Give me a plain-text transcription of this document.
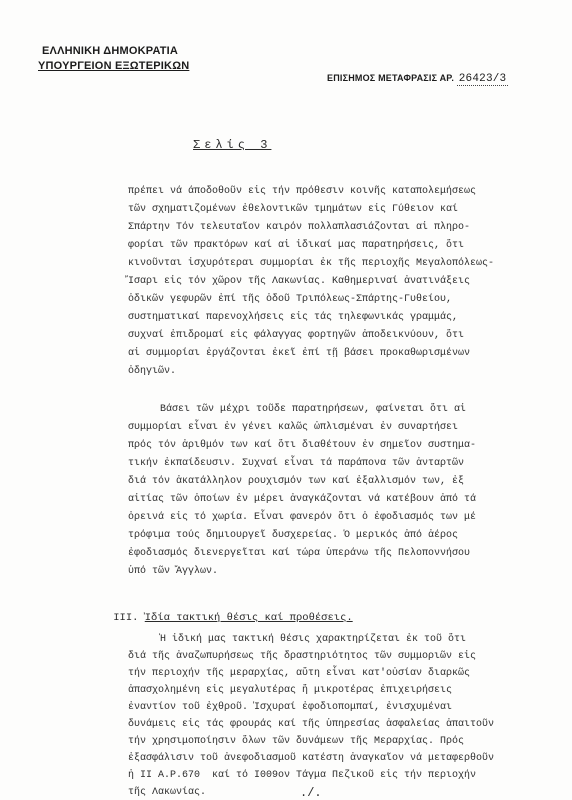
ΕΛΛΗΝΙΚΗ ΔΗΜΟΚΡΑΤΙΑ
ΥΠΟΥΡΓΕΙΟΝ ΕΞΩΤΕΡΙΚΩΝ
ΕΠΙΣΗΜΟΣ ΜΕΤΑΦΡΑΣΙΣ ΑΡ. 26423/3
Σελίς 3

πρέπει νά άποδοθοῦν εἰς τήν πρόθεσιν κοινῆς καταπολεμήσεως

τῶν σχηματιζομένων ἐθελοντικῶν τμημάτων εἰς Γύθειον καί

Σπάρτην Τόν τελευταῖον καιρόν πολλαπλασιάζονται αἱ πληρο-

φορίαι τῶν πρακτόρων καί αἱ ἰδικαί μας παρατηρήσεις, ὅτι

κινοῦνται ἰσχυρότεραι συμμορίαι ἐκ τῆς περιοχῆς Μεγαλοπόλεως-

Ἴσαρι εἰς τόν χῶρον τῆς Λακωνίας. Καθημεριναί ἀνατινάξεις

ὁδικῶν γεφυρῶν ἐπί τῆς ὁδοῦ Τριπόλεως-Σπάρτης-Γυθείου,

συστηματικαί παρενοχλήσεις εἰς τάς τηλεφωνικάς γραμμάς,

συχναί ἐπιδρομαί εἰς φάλαγγας φορτηγῶν ἀποδεικνύουν, ὅτι

αἱ συμμορίαι ἐργάζονται ἐκεῖ ἐπί τῇ βάσει προκαθωρισμένων

ὁδηγιῶν.

Βάσει τῶν μέχρι τοῦδε παρατηρήσεων, φαίνεται ὅτι αἱ

συμμορίαι εἶναι ἐν γένει καλῶς ὡπλισμέναι ἐν συναρτήσει

πρός τόν ἀριθμόν των καί ὅτι διαθέτουν ἐν σημεῖον συστημα-

τικήν ἐκπαίδευσιν. Συχναί εἶναι τά παράπονα τῶν ἀνταρτῶν

διά τόν ἀκατάλληλον ρουχισμόν των καί ἐξαλλισμόν των, ἐξ

αἰτίας τῶν ὁποίων ἐν μέρει ἀναγκάζονται νά κατέβουν ἀπό τά

ὀρεινά εἰς τό χωρία. Εἶναι φανερόν ὅτι ὁ ἐφοδιασμός των μέ

τρόφιμα τούς δημιουργεῖ δυσχερείας. Ὁ μερικός ἀπό ἀέρος

ἐφοδιασμός διενεργεῖται καί τώρα ὑπεράνω τῆς Πελοποννήσου

ὑπό τῶν Ἄγγλων.

ΙΙΙ. Ἰδία τακτική θέσις καί προθέσεις.

Ἡ ἰδική μας τακτική θέσις χαρακτηρίζεται ἐκ τοῦ ὅτι

διά τῆς ἀναζωπυρήσεως τῆς δραστηριότητος τῶν συμμοριῶν εἰς

τήν περιοχήν τῆς μεραρχίας, αὕτη εἶναι κατ'οὐσίαν διαρκῶς

ἀπασχολημένη εἰς μεγαλυτέρας ἤ μικροτέρας ἐπιχειρήσεις

ἐναντίον τοῦ ἐχθροῦ. Ἰσχυραί ἐφοδιοπομπαί, ἐνισχυμέναι

δυνάμεις εἰς τάς φρουράς καί τῆς ὑπηρεσίας ἀσφαλείας ἀπαιτοῦν

τήν χρησιμοποίησιν ὅλων τῶν δυνάμεων τῆς Μεραρχίας. Πρός

ἐξασφάλισιν τοῦ ἀνεφοδιασμοῦ κατέστη ἀναγκαῖον νά μεταφερθοῦν

ἡ ΙΙ Α.Ρ.670  καί τό Ι009ον Τάγμα Πεζικοῦ εἰς τήν περιοχήν

τῆς Λακωνίας.

	./.
